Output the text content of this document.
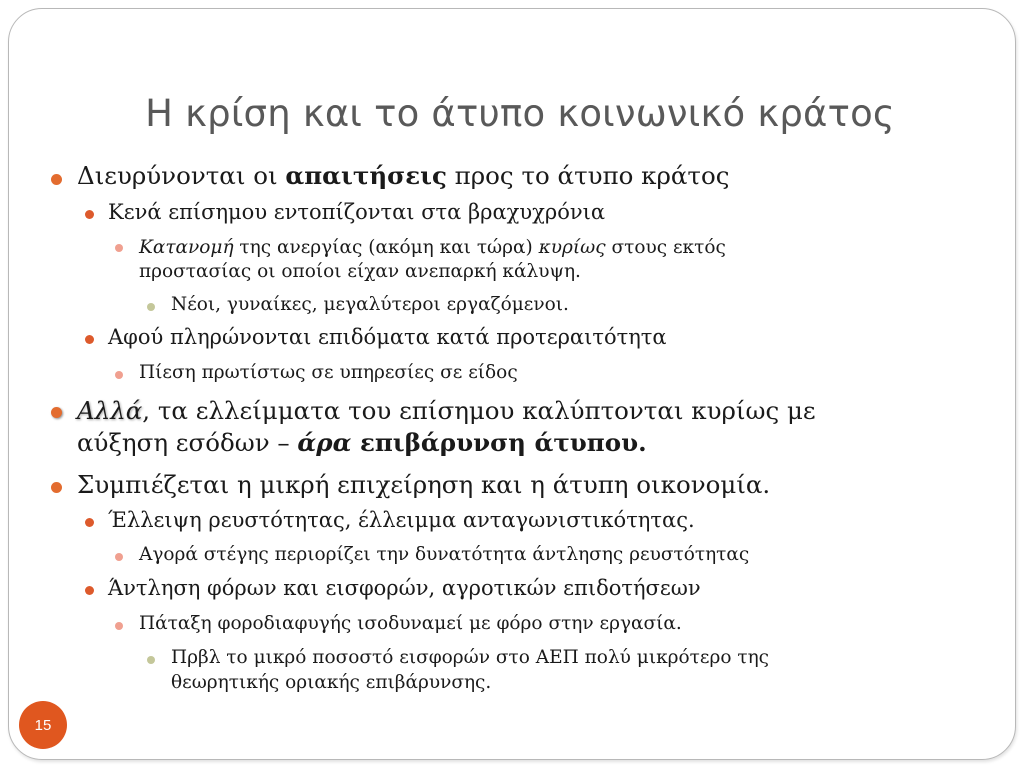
Η κρίση και το άτυπο κοινωνικό κράτος
Διευρύνονται οι απαιτήσεις προς το άτυπο κράτος
Κενά επίσημου εντοπίζονται στα βραχυχρόνια
Κατανομή της ανεργίας (ακόμη και τώρα) κυρίως στους εκτός
προστασίας οι οποίοι είχαν ανεπαρκή κάλυψη.
Νέοι, γυναίκες, μεγαλύτεροι εργαζόμενοι.
Αφού πληρώνονται επιδόματα κατά προτεραιτότητα
Πίεση πρωτίστως σε υπηρεσίες σε είδος
Αλλά, τα ελλείμματα του επίσημου καλύπτονται κυρίως με
αύξηση εσόδων – άρα επιβάρυνση άτυπου.
Συμπιέζεται η μικρή επιχείρηση και η άτυπη οικονομία.
Έλλειψη ρευστότητας, έλλειμμα ανταγωνιστικότητας.
Αγορά στέγης περιορίζει την δυνατότητα άντλησης ρευστότητας
Άντληση φόρων και εισφορών, αγροτικών επιδοτήσεων
Πάταξη φοροδιαφυγής ισοδυναμεί με φόρο στην εργασία.
Πρβλ το μικρό ποσοστό εισφορών στο ΑΕΠ πολύ μικρότερο της
θεωρητικής οριακής επιβάρυνσης.
15
